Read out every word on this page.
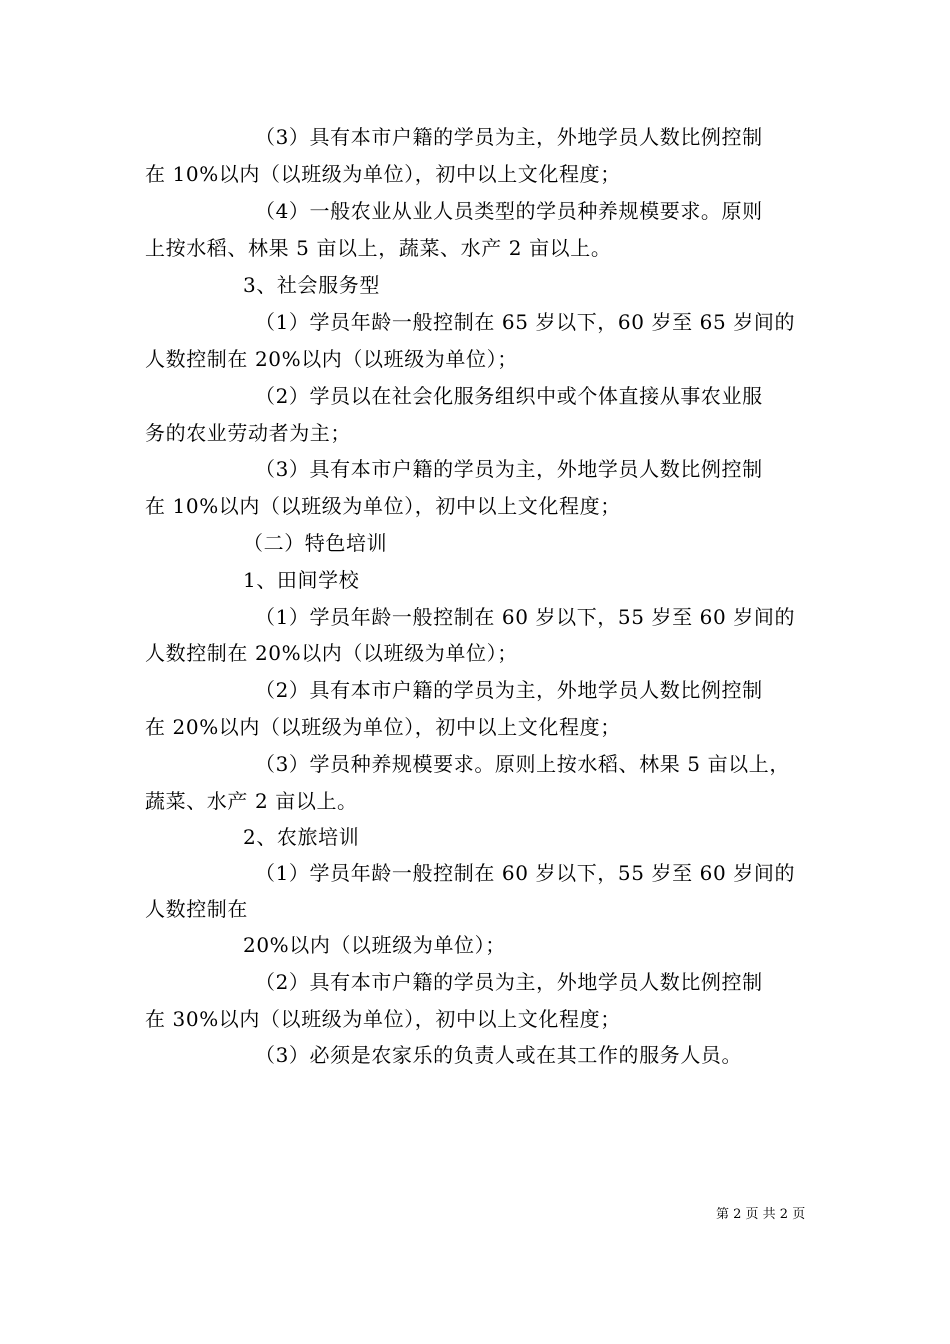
（3）具有本市户籍的学员为主，外地学员人数比例控制
在 10%以内（以班级为单位），初中以上文化程度；
（4）一般农业从业人员类型的学员种养规模要求。原则
上按水稻、林果 5 亩以上，蔬菜、水产 2 亩以上。
3、社会服务型
（1）学员年龄一般控制在 65 岁以下，60 岁至 65 岁间的
人数控制在 20%以内（以班级为单位）；
（2）学员以在社会化服务组织中或个体直接从事农业服
务的农业劳动者为主；
（3）具有本市户籍的学员为主，外地学员人数比例控制
在 10%以内（以班级为单位），初中以上文化程度；
（二）特色培训
1、田间学校
（1）学员年龄一般控制在 60 岁以下，55 岁至 60 岁间的
人数控制在 20%以内（以班级为单位）；
（2）具有本市户籍的学员为主，外地学员人数比例控制
在 20%以内（以班级为单位），初中以上文化程度；
（3）学员种养规模要求。原则上按水稻、林果 5 亩以上，
蔬菜、水产 2 亩以上。
2、农旅培训
（1）学员年龄一般控制在 60 岁以下，55 岁至 60 岁间的
人数控制在
20%以内（以班级为单位）；
（2）具有本市户籍的学员为主，外地学员人数比例控制
在 30%以内（以班级为单位），初中以上文化程度；
（3）必须是农家乐的负责人或在其工作的服务人员。
第 2 页 共 2 页
